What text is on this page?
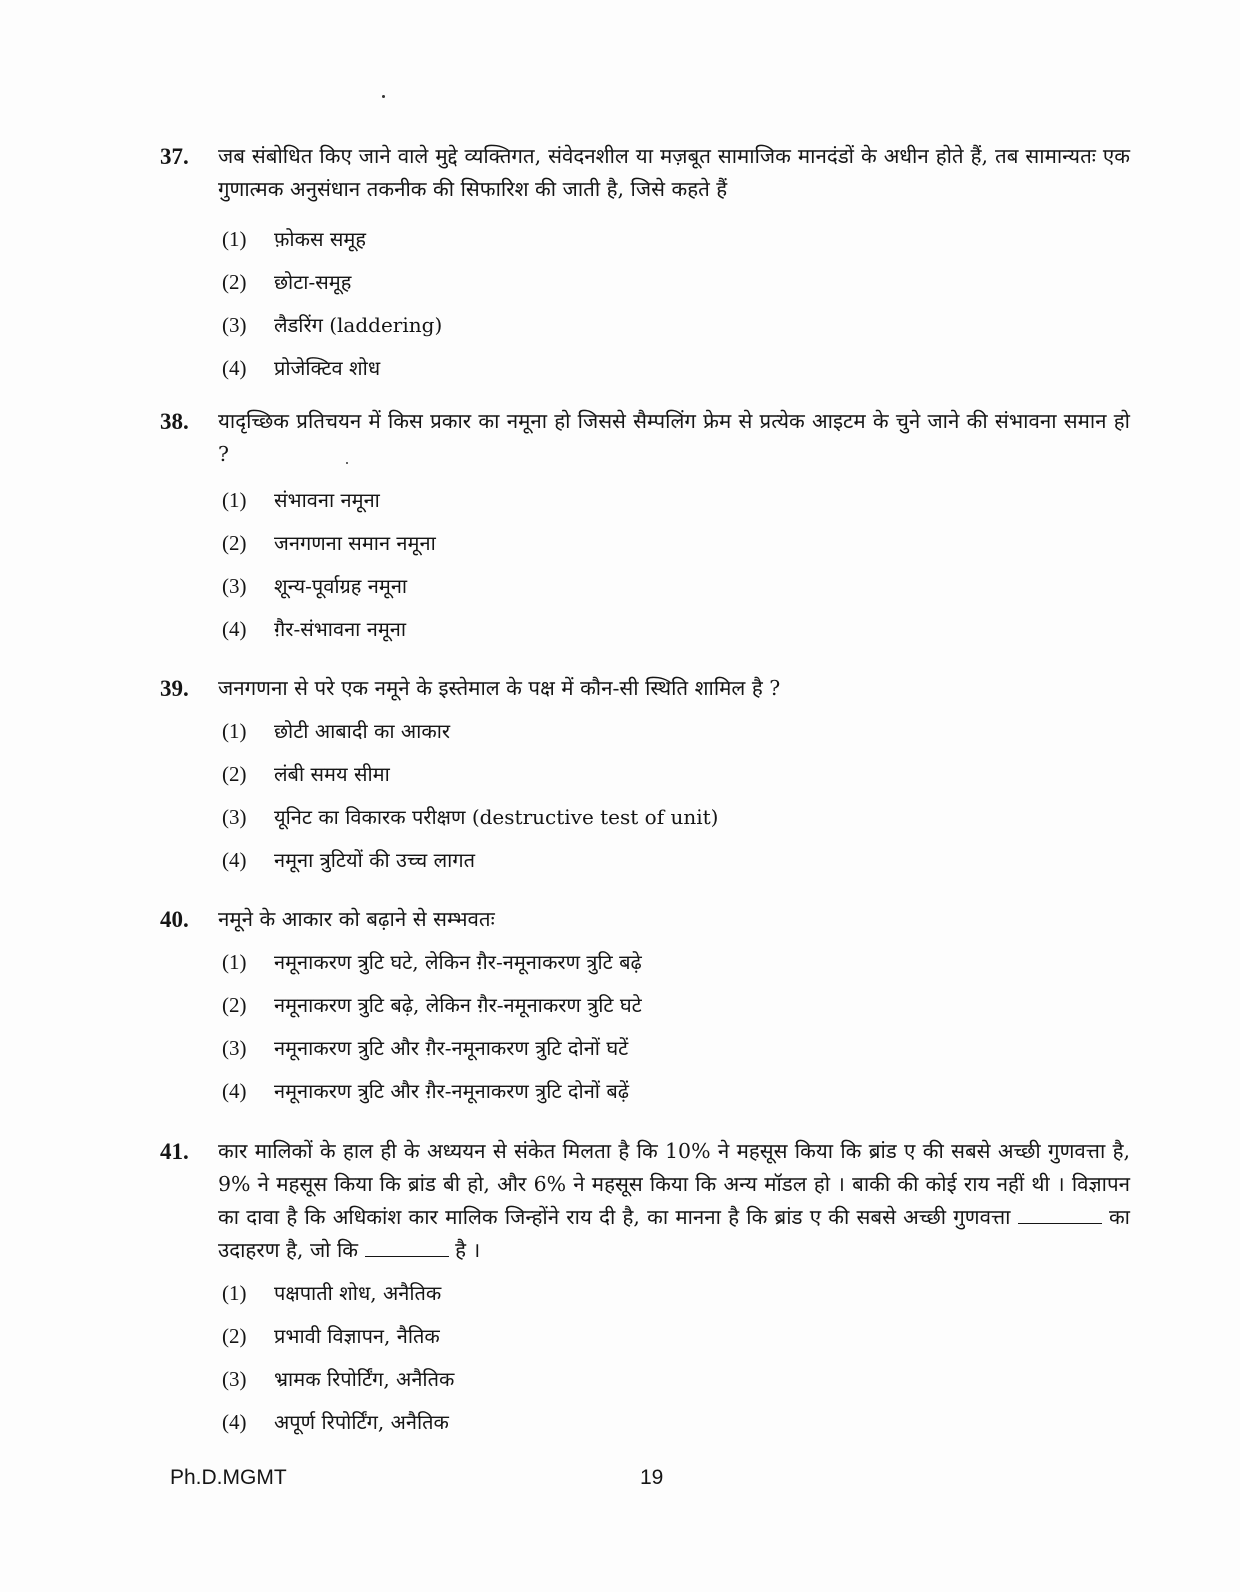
37. जब संबोधित किए जाने वाले मुद्दे व्यक्तिगत, संवेदनशील या मज़बूत सामाजिक मानदंडों के अधीन होते हैं, तब सामान्यतः एक गुणात्मक अनुसंधान तकनीक की सिफारिश की जाती है, जिसे कहते हैं
(1) फ़ोकस समूह
(2) छोटा-समूह
(3) लैडरिंग (laddering)
(4) प्रोजेक्टिव शोध
38. यादृच्छिक प्रतिचयन में किस प्रकार का नमूना हो जिससे सैम्पलिंग फ्रेम से प्रत्येक आइटम के चुने जाने की संभावना समान हो ?
(1) संभावना नमूना
(2) जनगणना समान नमूना
(3) शून्य-पूर्वाग्रह नमूना
(4) ग़ैर-संभावना नमूना
39. जनगणना से परे एक नमूने के इस्तेमाल के पक्ष में कौन-सी स्थिति शामिल है ?
(1) छोटी आबादी का आकार
(2) लंबी समय सीमा
(3) यूनिट का विकारक परीक्षण (destructive test of unit)
(4) नमूना त्रुटियों की उच्च लागत
40. नमूने के आकार को बढ़ाने से सम्भवतः
(1) नमूनाकरण त्रुटि घटे, लेकिन ग़ैर-नमूनाकरण त्रुटि बढ़े
(2) नमूनाकरण त्रुटि बढ़े, लेकिन ग़ैर-नमूनाकरण त्रुटि घटे
(3) नमूनाकरण त्रुटि और ग़ैर-नमूनाकरण त्रुटि दोनों घटें
(4) नमूनाकरण त्रुटि और ग़ैर-नमूनाकरण त्रुटि दोनों बढ़ें
41. कार मालिकों के हाल ही के अध्ययन से संकेत मिलता है कि 10% ने महसूस किया कि ब्रांड ए की सबसे अच्छी गुणवत्ता है, 9% ने महसूस किया कि ब्रांड बी हो, और 6% ने महसूस किया कि अन्य मॉडल हो । बाकी की कोई राय नहीं थी । विज्ञापन का दावा है कि अधिकांश कार मालिक जिन्होंने राय दी है, का मानना है कि ब्रांड ए की सबसे अच्छी गुणवत्ता	का उदाहरण है, जो कि	है ।
(1) पक्षपाती शोध, अनैतिक
(2) प्रभावी विज्ञापन, नैतिक
(3) भ्रामक रिपोर्टिंग, अनैतिक
(4) अपूर्ण रिपोर्टिंग, अनैतिक
Ph.D.MGMT	19
